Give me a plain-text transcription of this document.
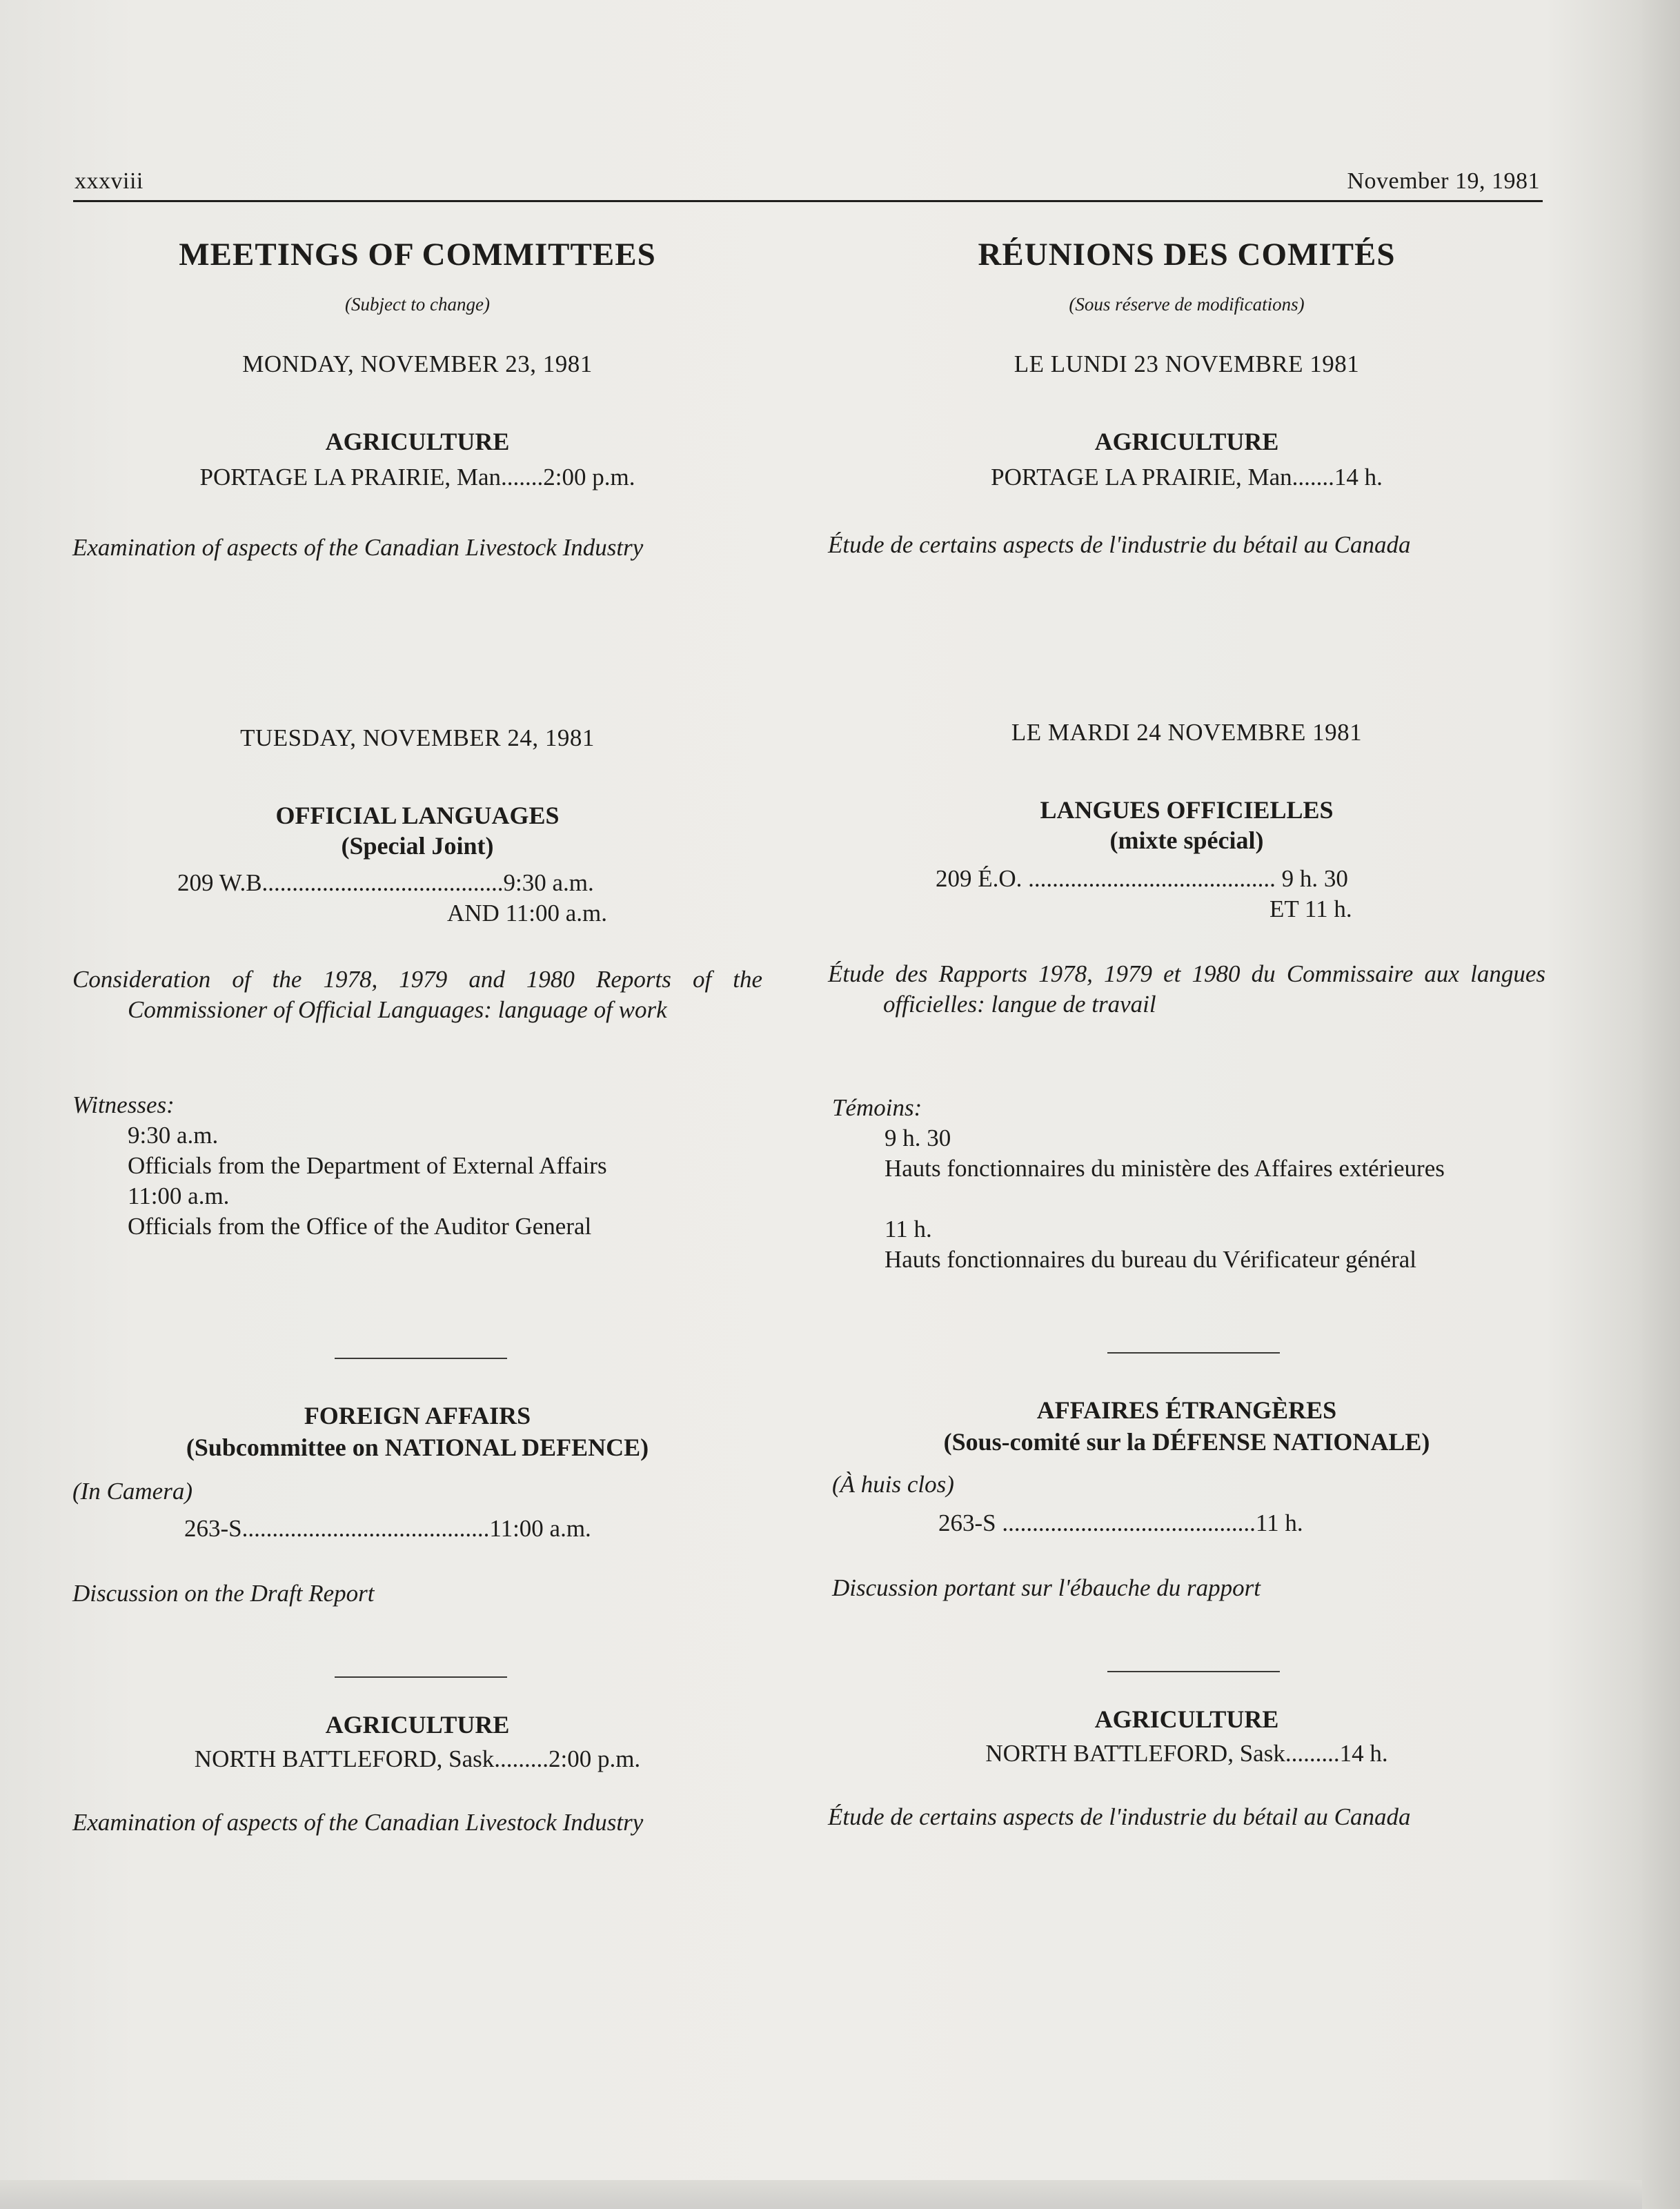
xxxviii	November 19, 1981
MEETINGS OF COMMITTEES
(Subject to change)
MONDAY, NOVEMBER 23, 1981
AGRICULTURE
PORTAGE LA PRAIRIE, Man.......2:00 p.m.
Examination of aspects of the Canadian Livestock Industry
TUESDAY, NOVEMBER 24, 1981
OFFICIAL LANGUAGES
(Special Joint)
209 W.B........................................9:30 a.m.
AND 11:00 a.m.
Consideration of the 1978, 1979 and 1980 Reports of the Commissioner of Official Languages: language of work
Witnesses:
9:30 a.m.
Officials from the Department of External Affairs
11:00 a.m.
Officials from the Office of the Auditor General
FOREIGN AFFAIRS
(Subcommittee on NATIONAL DEFENCE)
(In Camera)
263-S.........................................11:00 a.m.
Discussion on the Draft Report
AGRICULTURE
NORTH BATTLEFORD, Sask.........2:00 p.m.
Examination of aspects of the Canadian Livestock Industry
RÉUNIONS DES COMITÉS
(Sous réserve de modifications)
LE LUNDI 23 NOVEMBRE 1981
AGRICULTURE
PORTAGE LA PRAIRIE, Man.......14 h.
Étude de certains aspects de l'industrie du bétail au Canada
LE MARDI 24 NOVEMBRE 1981
LANGUES OFFICIELLES
(mixte spécial)
209 É.O. ......................................... 9 h. 30
ET 11 h.
Étude des Rapports 1978, 1979 et 1980 du Commissaire aux langues officielles: langue de travail
Témoins:
9 h. 30
Hauts fonctionnaires du ministère des Affaires extérieures
11 h.
Hauts fonctionnaires du bureau du Vérificateur général
AFFAIRES ÉTRANGÈRES
(Sous-comité sur la DÉFENSE NATIONALE)
(À huis clos)
263-S ..........................................11 h.
Discussion portant sur l'ébauche du rapport
AGRICULTURE
NORTH BATTLEFORD, Sask.........14 h.
Étude de certains aspects de l'industrie du bétail au Canada
